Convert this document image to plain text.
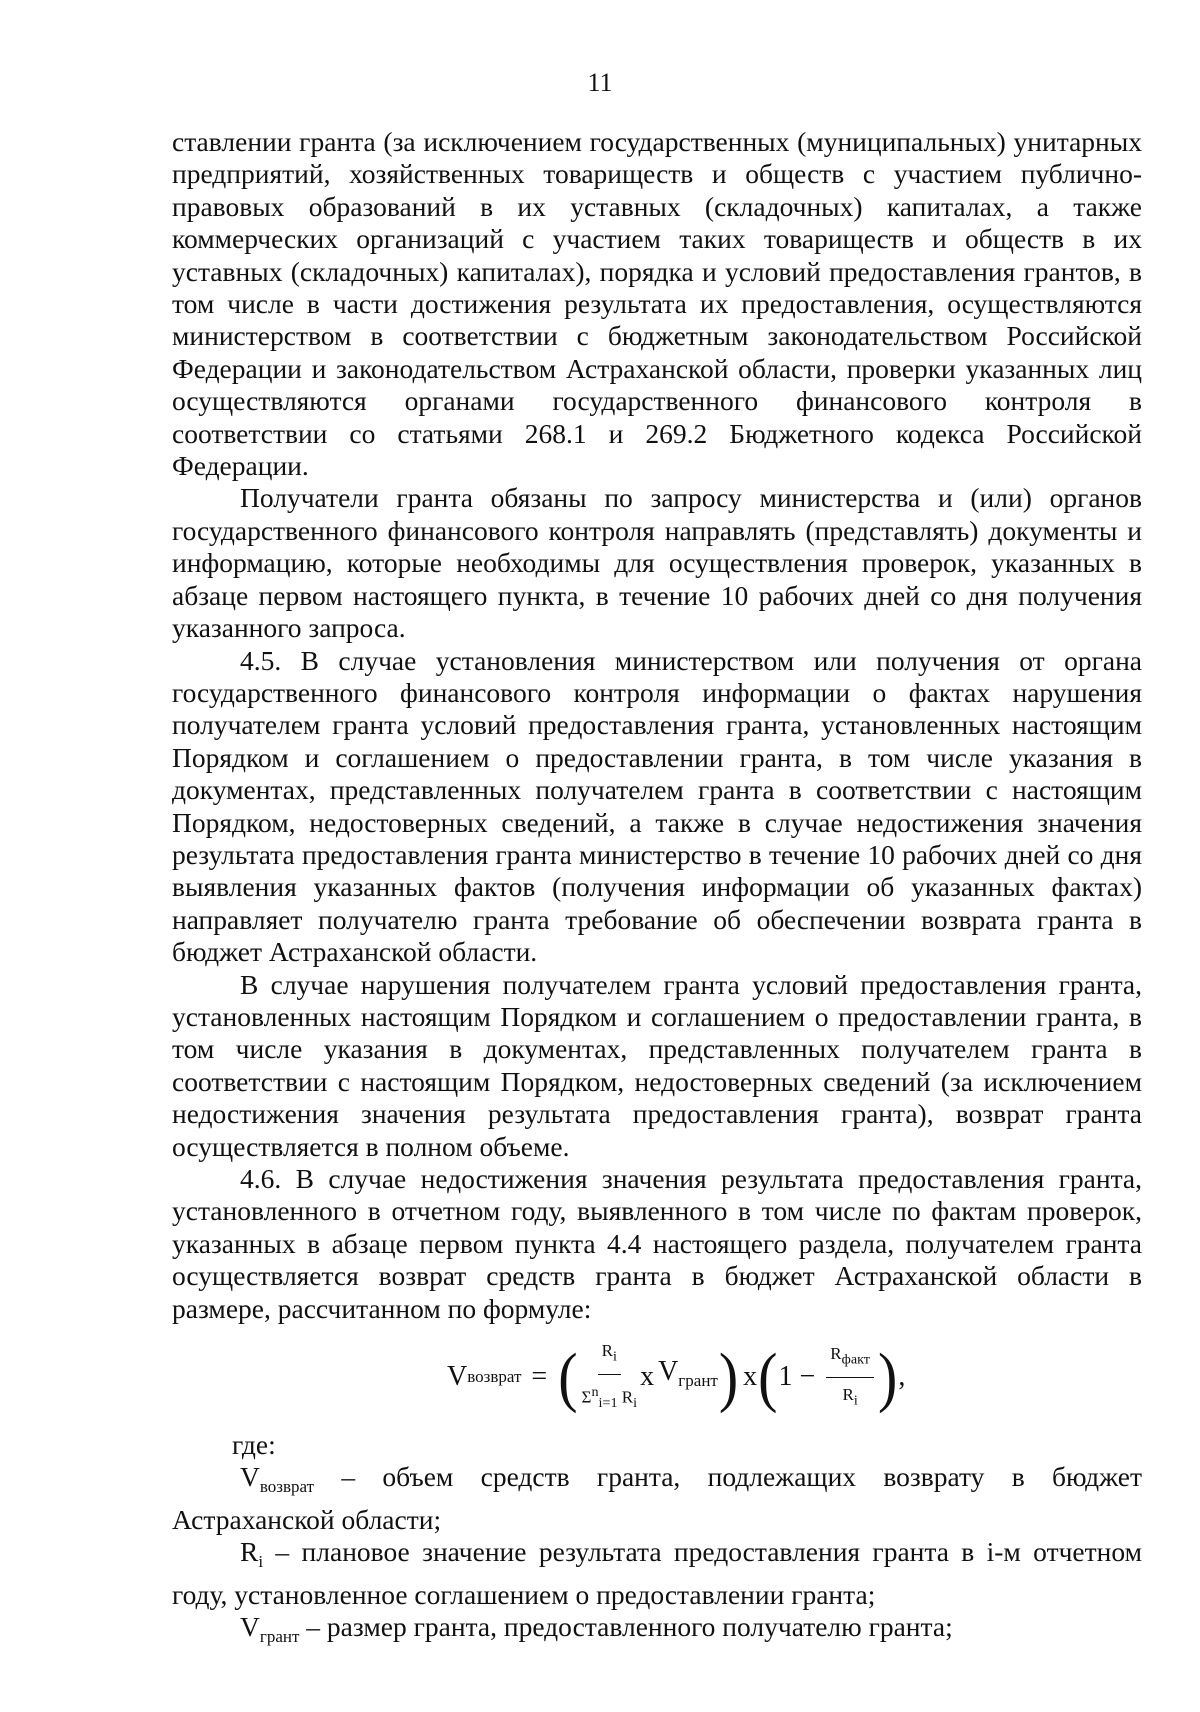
11

ставлении гранта (за исключением государственных (муниципальных) унитарных предприятий, хозяйственных товариществ и обществ с участием публично-правовых образований в их уставных (складочных) капиталах, а также коммерческих организаций с участием таких товариществ и обществ в их уставных (складочных) капиталах), порядка и условий предоставления грантов, в том числе в части достижения результата их предоставления, осуществляются министерством в соответствии с бюджетным законодательством Российской Федерации и законодательством Астраханской области, проверки указанных лиц осуществляются органами государственного финансового контроля в соответствии со статьями 268.1 и 269.2 Бюджетного кодекса Российской Федерации.

Получатели гранта обязаны по запросу министерства и (или) органов государственного финансового контроля направлять (представлять) документы и информацию, которые необходимы для осуществления проверок, указанных в абзаце первом настоящего пункта, в течение 10 рабочих дней со дня получения указанного запроса.

4.5. В случае установления министерством или получения от органа государственного финансового контроля информации о фактах нарушения получателем гранта условий предоставления гранта, установленных настоящим Порядком и соглашением о предоставлении гранта, в том числе указания в документах, представленных получателем гранта в соответствии с настоящим Порядком, недостоверных сведений, а также в случае недостижения значения результата предоставления гранта министерство в течение 10 рабочих дней со дня выявления указанных фактов (получения информации об указанных фактах) направляет получателю гранта требование об обеспечении возврата гранта в бюджет Астраханской области.

В случае нарушения получателем гранта условий предоставления гранта, установленных настоящим Порядком и соглашением о предоставлении гранта, в том числе указания в документах, представленных получателем гранта в соответствии с настоящим Порядком, недостоверных сведений (за исключением недостижения значения результата предоставления гранта), возврат гранта осуществляется в полном объеме.

4.6. В случае недостижения значения результата предоставления гранта, установленного в отчетном году, выявленного в том числе по фактам проверок, указанных в абзаце первом пункта 4.4 настоящего раздела, получателем гранта осуществляется возврат средств гранта в бюджет Астраханской области в размере, рассчитанном по формуле:

V возврат = ( $\frac{R_i}{\Sigma^n_{i=1} R_i}$ x $V_{грант}$ ) x ( $1 - \frac{R_{факт}}{R_i}$ ) ,

где:

$V_{возврат}$ – объем средств гранта, подлежащих возврату в бюджет Астраханской области;

$R_i$ – плановое значение результата предоставления гранта в i-м отчетном году, установленное соглашением о предоставлении гранта;

$V_{грант}$ – размер гранта, предоставленного получателю гранта;
